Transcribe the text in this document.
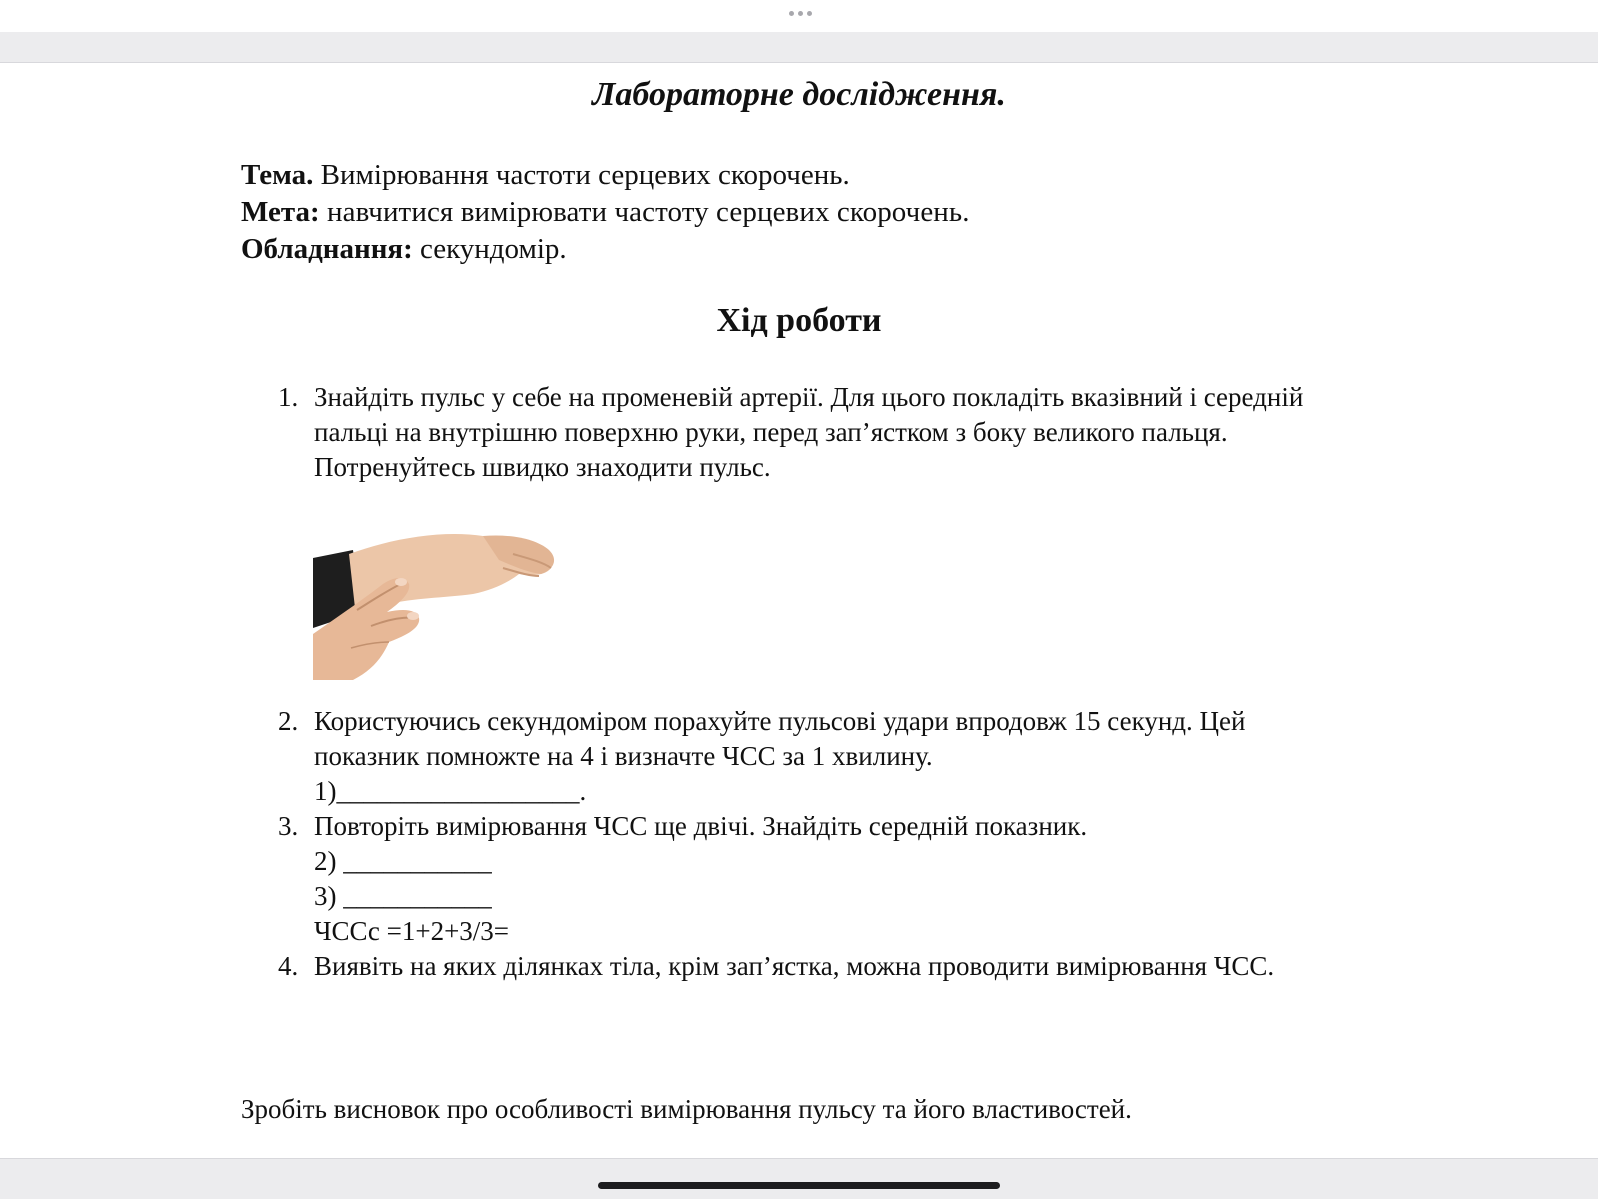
Лабораторне дослідження.
Тема. Вимірювання частоти серцевих скорочень.
Мета: навчитися вимірювати частоту серцевих скорочень.
Обладнання: секундомір.
Хід роботи
1. Знайдіть пульс у себе на променевій артерії. Для цього покладіть вказівний і середній пальці на внутрішню поверхню руки, перед зап’ястком з боку великого пальця. Потренуйтесь швидко знаходити пульс.
2. Користуючись секундоміром порахуйте пульсові удари впродовж 15 секунд. Цей показник помножте на 4 і визначте ЧСС за 1 хвилину.
1)__________________.
3. Повторіть вимірювання ЧСС ще двічі. Знайдіть середній показник.
2) ___________
3) ___________
ЧССс =1+2+3/3=
4. Виявіть на яких ділянках тіла, крім зап’ястка, можна проводити вимірювання ЧСС.
Зробіть висновок про особливості вимірювання пульсу та його властивостей.
